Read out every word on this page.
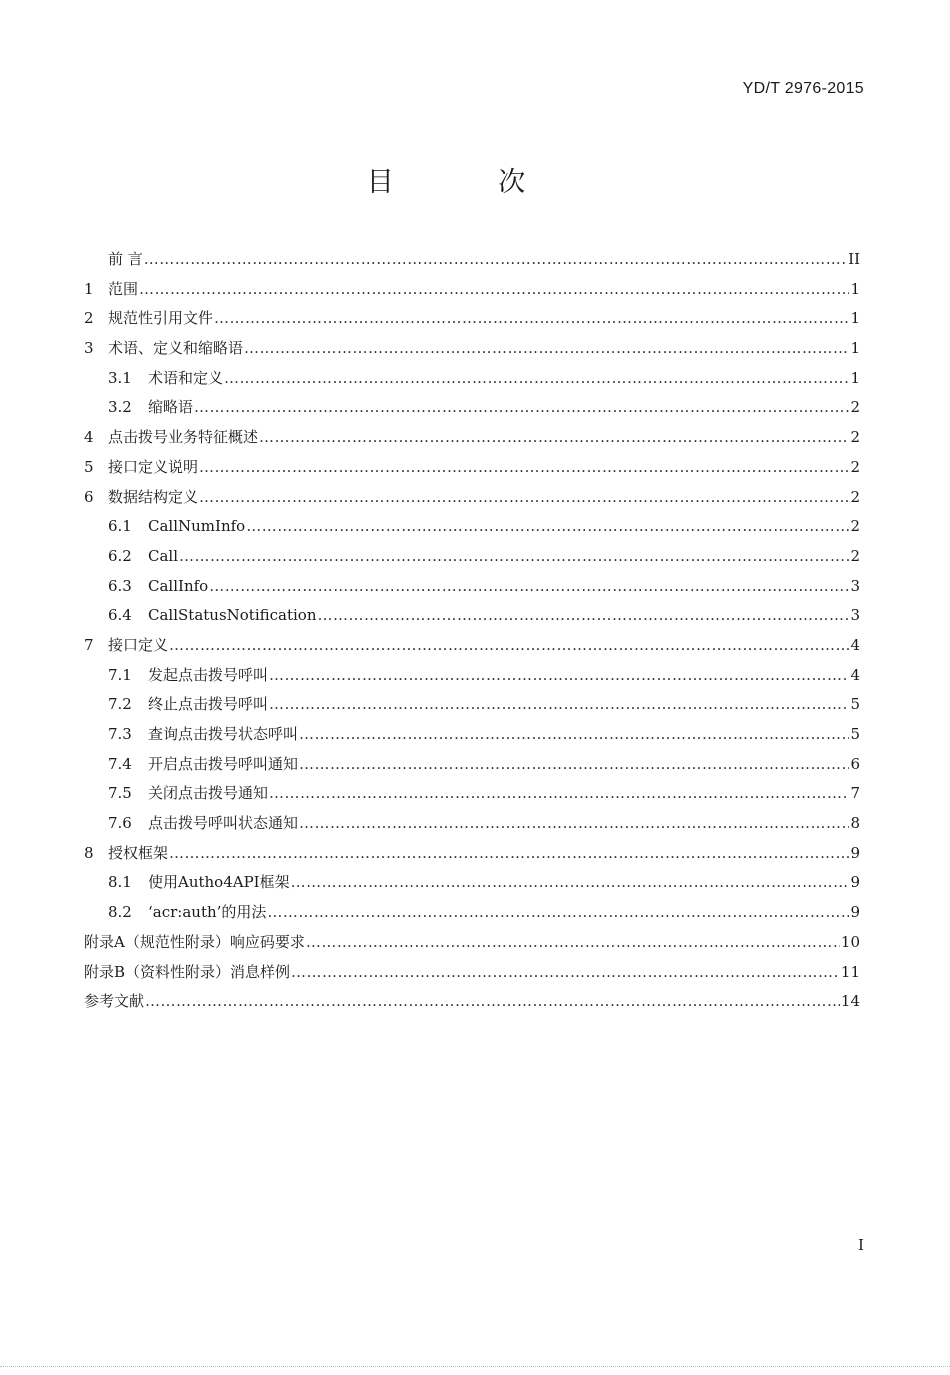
YD/T 2976-2015
目 次
前 言 ………………………………………………………………………………………………………………………………………………………………………………………………………………………………………………	II
1 范围 ………………………………………………………………………………………………………………………………………………………………………………………………………………………………………………	1
2 规范性引用文件 ………………………………………………………………………………………………………………………………………………………………………………………………………………………………………………	1
3 术语、定义和缩略语 ………………………………………………………………………………………………………………………………………………………………………………………………………………………………………………	1
3.1	术语和定义 ………………………………………………………………………………………………………………………………………………………………………………………………………………………………………………	1
3.2	缩略语 ………………………………………………………………………………………………………………………………………………………………………………………………………………………………………………	2
4 点击拨号业务特征概述 ………………………………………………………………………………………………………………………………………………………………………………………………………………………………………………	2
5 接口定义说明 ………………………………………………………………………………………………………………………………………………………………………………………………………………………………………………	2
6 数据结构定义 ………………………………………………………………………………………………………………………………………………………………………………………………………………………………………………	2
6.1	CallNumInfo ………………………………………………………………………………………………………………………………………………………………………………………………………………………………………………	2
6.2	Call ………………………………………………………………………………………………………………………………………………………………………………………………………………………………………………	2
6.3	CallInfo ………………………………………………………………………………………………………………………………………………………………………………………………………………………………………………	3
6.4	CallStatusNotification ………………………………………………………………………………………………………………………………………………………………………………………………………………………………………………	3
7 接口定义 ………………………………………………………………………………………………………………………………………………………………………………………………………………………………………………	4
7.1	发起点击拨号呼叫 ………………………………………………………………………………………………………………………………………………………………………………………………………………………………………………	4
7.2	终止点击拨号呼叫 ………………………………………………………………………………………………………………………………………………………………………………………………………………………………………………	5
7.3	查询点击拨号状态呼叫 ………………………………………………………………………………………………………………………………………………………………………………………………………………………………………………	5
7.4	开启点击拨号呼叫通知 ………………………………………………………………………………………………………………………………………………………………………………………………………………………………………………	6
7.5	关闭点击拨号通知 ………………………………………………………………………………………………………………………………………………………………………………………………………………………………………………	7
7.6	点击拨号呼叫状态通知 ………………………………………………………………………………………………………………………………………………………………………………………………………………………………………………	8
8 授权框架 ………………………………………………………………………………………………………………………………………………………………………………………………………………………………………………	9
8.1	使用Autho4API框架 ………………………………………………………………………………………………………………………………………………………………………………………………………………………………………………	9
8.2	‘acr:auth’的用法 ………………………………………………………………………………………………………………………………………………………………………………………………………………………………………………	9
附录A（规范性附录）响应码要求 ………………………………………………………………………………………………………………………………………………………………………………………………………………………………………………	10
附录B（资料性附录）消息样例 ………………………………………………………………………………………………………………………………………………………………………………………………………………………………………………	11
参考文献 ………………………………………………………………………………………………………………………………………………………………………………………………………………………………………………	14
I
